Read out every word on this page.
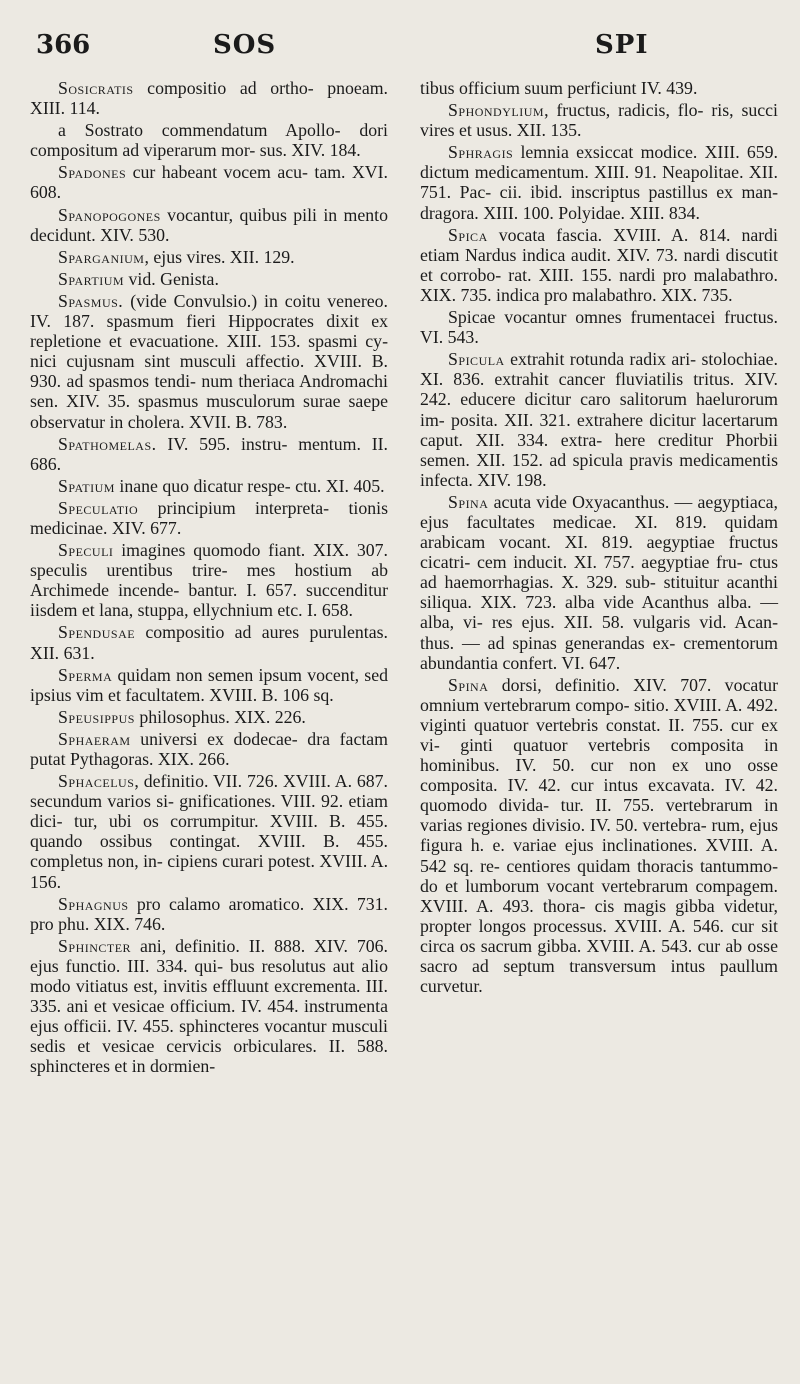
366	SOS	SPI

Sosicratis compositio ad ortho- pnoeam. XIII. 114.

a Sostrato commendatum Apollo- dori compositum ad viperarum mor- sus. XIV. 184.

Spadones cur habeant vocem acu- tam. XVI. 608.

Spanopogones vocantur, quibus pili in mento decidunt. XIV. 530.

Sparganium, ejus vires. XII. 129.

Spartium vid. Genista.

Spasmus. (vide Convulsio.) in coitu venereo. IV. 187. spasmum fieri Hippocrates dixit ex repletione et evacuatione. XIII. 153. spasmi cy- nici cujusnam sint musculi affectio. XVIII. B. 930. ad spasmos tendi- num theriaca Andromachi sen. XIV. 35. spasmus musculorum surae saepe observatur in cholera. XVII. B. 783.

Spathomelas. IV. 595. instru- mentum. II. 686.

Spatium inane quo dicatur respe- ctu. XI. 405.

Speculatio principium interpreta- tionis medicinae. XIV. 677.

Speculi imagines quomodo fiant. XIX. 307. speculis urentibus trire- mes hostium ab Archimede incende- bantur. I. 657. succenditur iisdem et lana, stuppa, ellychnium etc. I. 658.

Spendusae compositio ad aures purulentas. XII. 631.

Sperma quidam non semen ipsum vocent, sed ipsius vim et facultatem. XVIII. B. 106 sq.

Speusippus philosophus. XIX. 226.

Sphaeram universi ex dodecae- dra factam putat Pythagoras. XIX. 266.

Sphacelus, definitio. VII. 726. XVIII. A. 687. secundum varios si- gnificationes. VIII. 92. etiam dici- tur, ubi os corrumpitur. XVIII. B. 455. quando ossibus contingat. XVIII. B. 455. completus non, in- cipiens curari potest. XVIII. A. 156.

Sphagnus pro calamo aromatico. XIX. 731. pro phu. XIX. 746.

Sphincter ani, definitio. II. 888. XIV. 706. ejus functio. III. 334. qui- bus resolutus aut alio modo vitiatus est, invitis effluunt excrementa. III. 335. ani et vesicae officium. IV. 454. instrumenta ejus officii. IV. 455. sphincteres vocantur musculi sedis et vesicae cervicis orbiculares. II. 588. sphincteres et in dormien-

tibus officium suum perficiunt IV. 439.

Sphondylium, fructus, radicis, flo- ris, succi vires et usus. XII. 135.

Sphragis lemnia exsiccat modice. XIII. 659. dictum medicamentum. XIII. 91. Neapolitae. XII. 751. Pac- cii. ibid. inscriptus pastillus ex man- dragora. XIII. 100. Polyidae. XIII. 834.

Spica vocata fascia. XVIII. A. 814. nardi etiam Nardus indica audit. XIV. 73. nardi discutit et corrobo- rat. XIII. 155. nardi pro malabathro. XIX. 735. indica pro malabathro. XIX. 735.

Spicae vocantur omnes frumentacei fructus. VI. 543.

Spicula extrahit rotunda radix ari- stolochiae. XI. 836. extrahit cancer fluviatilis tritus. XIV. 242. educere dicitur caro salitorum haelurorum im- posita. XII. 321. extrahere dicitur lacertarum caput. XII. 334. extra- here creditur Phorbii semen. XII. 152. ad spicula pravis medicamentis infecta. XIV. 198.

Spina acuta vide Oxyacanthus. — aegyptiaca, ejus facultates medicae. XI. 819. quidam arabicam vocant. XI. 819. aegyptiae fructus cicatri- cem inducit. XI. 757. aegyptiae fru- ctus ad haemorrhagias. X. 329. sub- stituitur acanthi siliqua. XIX. 723. alba vide Acanthus alba. — alba, vi- res ejus. XII. 58. vulgaris vid. Acan- thus. — ad spinas generandas ex- crementorum abundantia confert. VI. 647.

Spina dorsi, definitio. XIV. 707. vocatur omnium vertebrarum compo- sitio. XVIII. A. 492. viginti quatuor vertebris constat. II. 755. cur ex vi- ginti quatuor vertebris composita in hominibus. IV. 50. cur non ex uno osse composita. IV. 42. cur intus excavata. IV. 42. quomodo divida- tur. II. 755. vertebrarum in varias regiones divisio. IV. 50. vertebra- rum, ejus figura h. e. variae ejus inclinationes. XVIII. A. 542 sq. re- centiores quidam thoracis tantummo- do et lumborum vocant vertebrarum compagem. XVIII. A. 493. thora- cis magis gibba videtur, propter longos processus. XVIII. A. 546. cur sit circa os sacrum gibba. XVIII. A. 543. cur ab osse sacro ad septum transversum intus paullum curvetur.
